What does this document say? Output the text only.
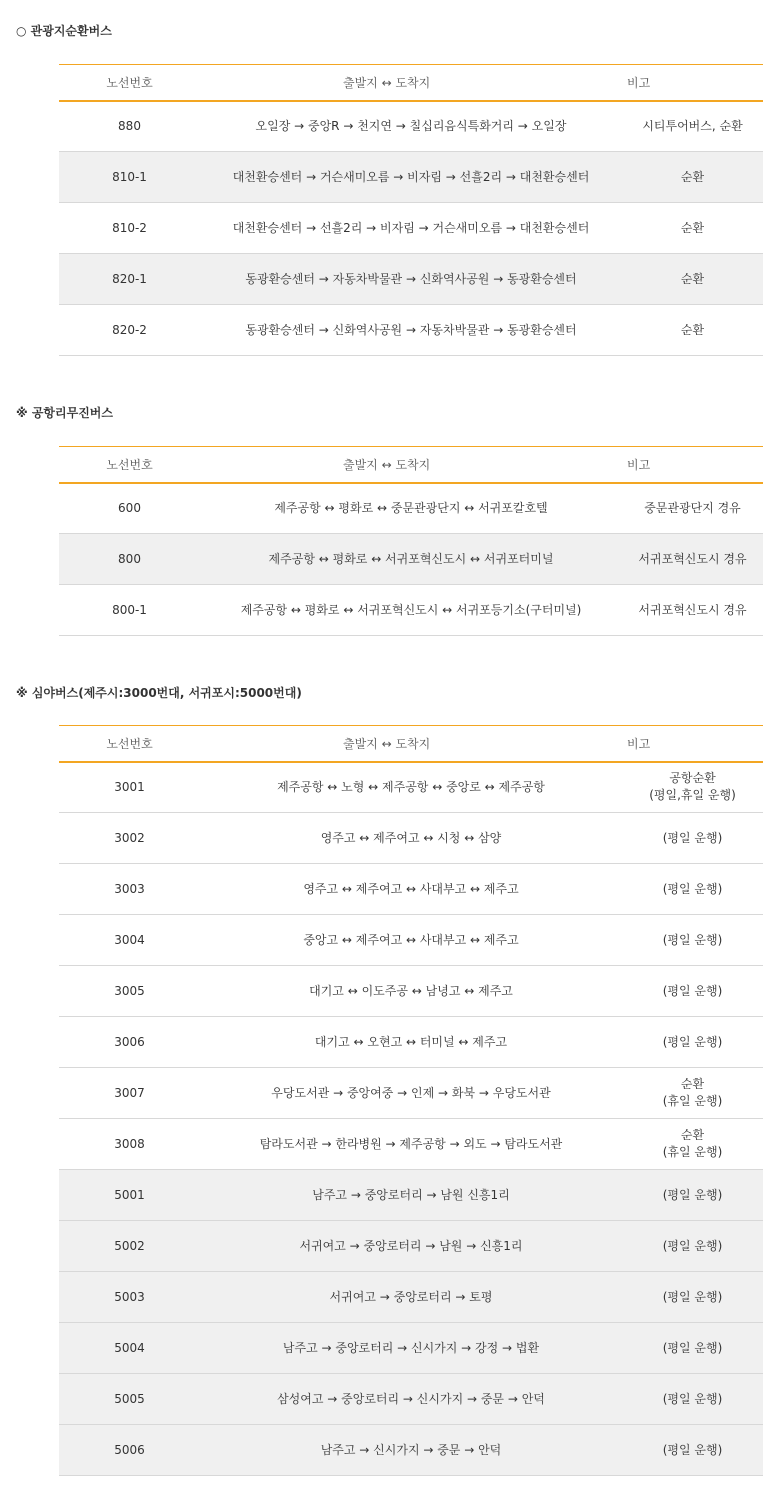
○ 관광지순환버스
노선번호	출발지 ↔ 도착지	비고
880	오일장 → 중앙R → 천지연 → 칠십리음식특화거리 → 오일장	시티투어버스, 순환

810-1	대천환승센터 → 거슨새미오름 → 비자림 → 선흘2리 → 대천환승센터	순환

810-2	대천환승센터 → 선흘2리 → 비자림 → 거슨새미오름 → 대천환승센터	순환

820-1	동광환승센터 → 자동차박물관 → 신화역사공원 → 동광환승센터	순환

820-2	동광환승센터 → 신화역사공원 → 자동차박물관 → 동광환승센터	순환
※ 공항리무진버스
노선번호	출발지 ↔ 도착지	비고
600	제주공항 ↔ 평화로 ↔ 중문관광단지 ↔ 서귀포칼호텔	중문관광단지 경유

800	제주공항 ↔ 평화로 ↔ 서귀포혁신도시 ↔ 서귀포터미널	서귀포혁신도시 경유

800-1	제주공항 ↔ 평화로 ↔ 서귀포혁신도시 ↔ 서귀포등기소(구터미널)	서귀포혁신도시 경유
※ 심야버스(제주시:3000번대, 서귀포시:5000번대)
노선번호	출발지 ↔ 도착지	비고
3001	제주공항 ↔ 노형 ↔ 제주공항 ↔ 중앙로 ↔ 제주공항	공항순환
(평일,휴일 운행)

3002	영주고 ↔ 제주여고 ↔ 시청 ↔ 삼양	(평일 운행)

3003	영주고 ↔ 제주여고 ↔ 사대부고 ↔ 제주고	(평일 운행)

3004	중앙고 ↔ 제주여고 ↔ 사대부고 ↔ 제주고	(평일 운행)

3005	대기고 ↔ 이도주공 ↔ 남녕고 ↔ 제주고	(평일 운행)

3006	대기고 ↔ 오현고 ↔ 터미널 ↔ 제주고	(평일 운행)

3007	우당도서관 → 중앙여중 → 인제 → 화북 → 우당도서관	순환
(휴일 운행)

3008	탐라도서관 → 한라병원 → 제주공항 → 외도 → 탐라도서관	순환
(휴일 운행)

5001	남주고 → 중앙로터리 → 남원 신흥1리	(평일 운행)

5002	서귀여고 → 중앙로터리 → 남원 → 신흥1리	(평일 운행)

5003	서귀여고 → 중앙로터리 → 토평	(평일 운행)

5004	남주고 → 중앙로터리 → 신시가지 → 강정 → 법환	(평일 운행)

5005	삼성여고 → 중앙로터리 → 신시가지 → 중문 → 안덕	(평일 운행)

5006	남주고 → 신시가지 → 중문 → 안덕	(평일 운행)
